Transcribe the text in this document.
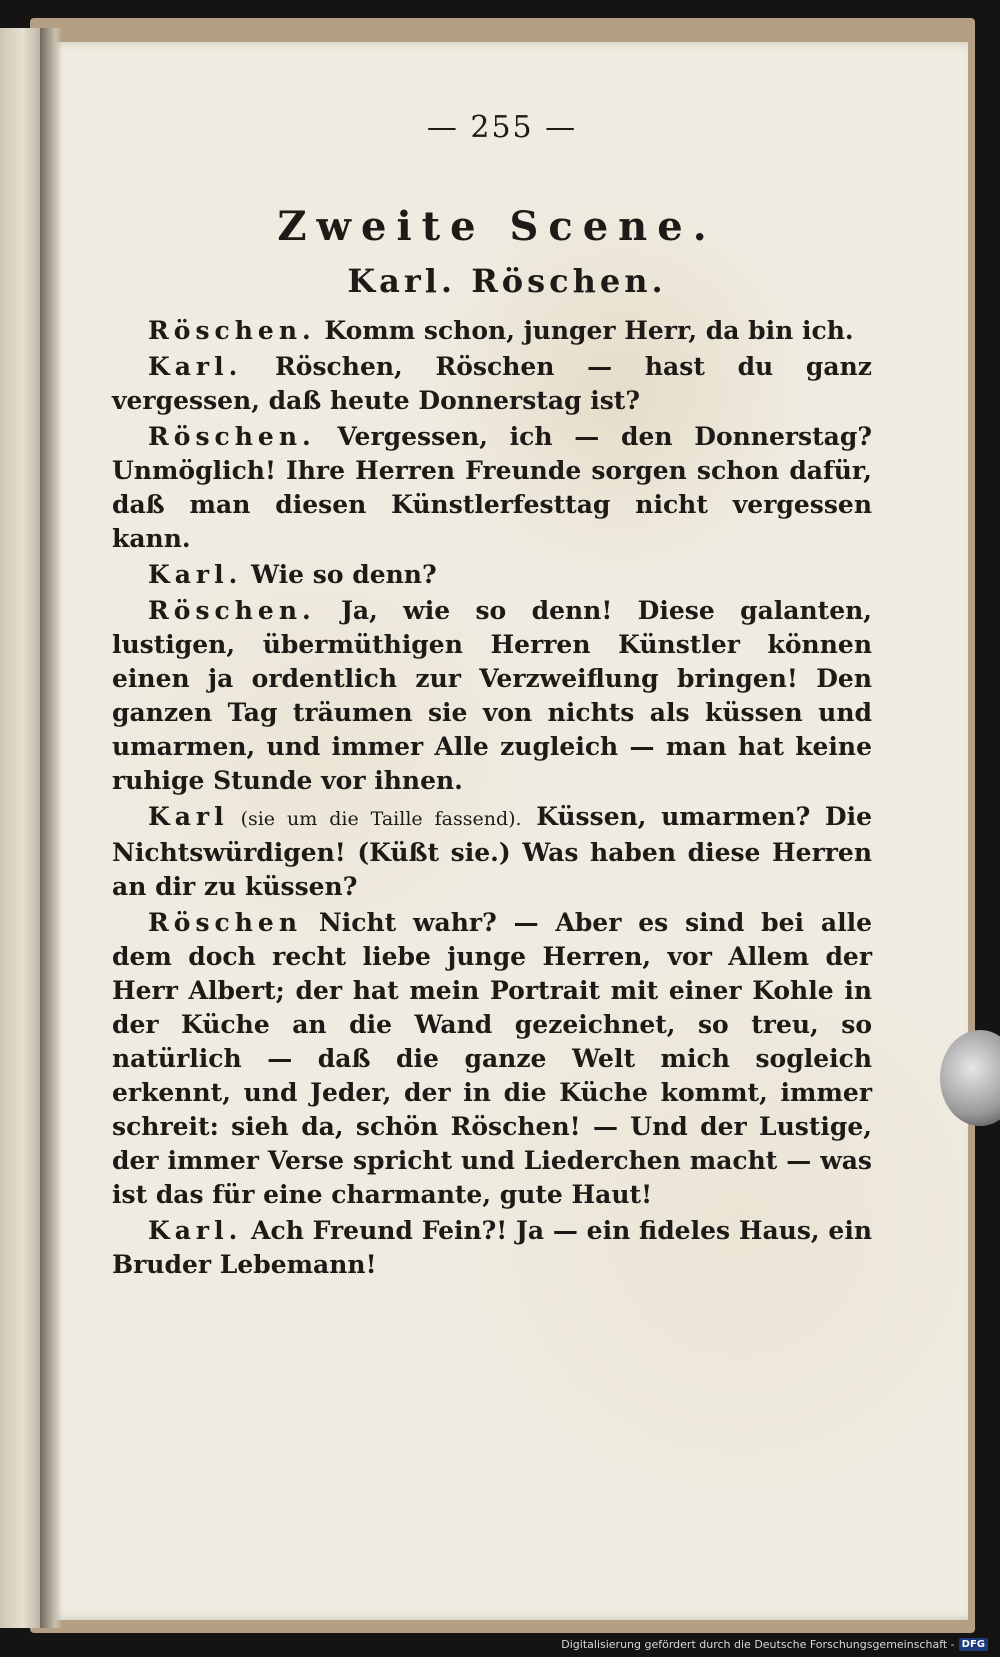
— 255 —
Zweite Scene.
Karl. Röschen.

Röschen. Komm schon, junger Herr, da bin ich.

Karl. Röschen, Röschen — hast du ganz vergessen, daß heute Donnerstag ist?

Röschen. Vergessen, ich — den Donnerstag? Unmöglich! Ihre Herren Freunde sorgen schon dafür, daß man diesen Künstlerfesttag nicht vergessen kann.

Karl. Wie so denn?

Röschen. Ja, wie so denn! Diese galanten, lustigen, übermüthigen Herren Künstler können einen ja ordentlich zur Verzweiflung bringen! Den ganzen Tag träumen sie von nichts als küssen und umarmen, und immer Alle zugleich — man hat keine ruhige Stunde vor ihnen.

Karl (sie um die Taille fassend). Küssen, umarmen? Die Nichtswürdigen! (Küßt sie.) Was haben diese Herren an dir zu küssen?

Röschen Nicht wahr? — Aber es sind bei alle dem doch recht liebe junge Herren, vor Allem der Herr Albert; der hat mein Portrait mit einer Kohle in der Küche an die Wand gezeichnet, so treu, so natürlich — daß die ganze Welt mich sogleich erkennt, und Jeder, der in die Küche kommt, immer schreit: sieh da, schön Röschen! — Und der Lustige, der immer Verse spricht und Liederchen macht — was ist das für eine charmante, gute Haut!

Karl. Ach Freund Fein?! Ja — ein fideles Haus, ein Bruder Lebemann!

Digitalisierung gefördert durch die Deutsche Forschungsgemeinschaft - DFG
